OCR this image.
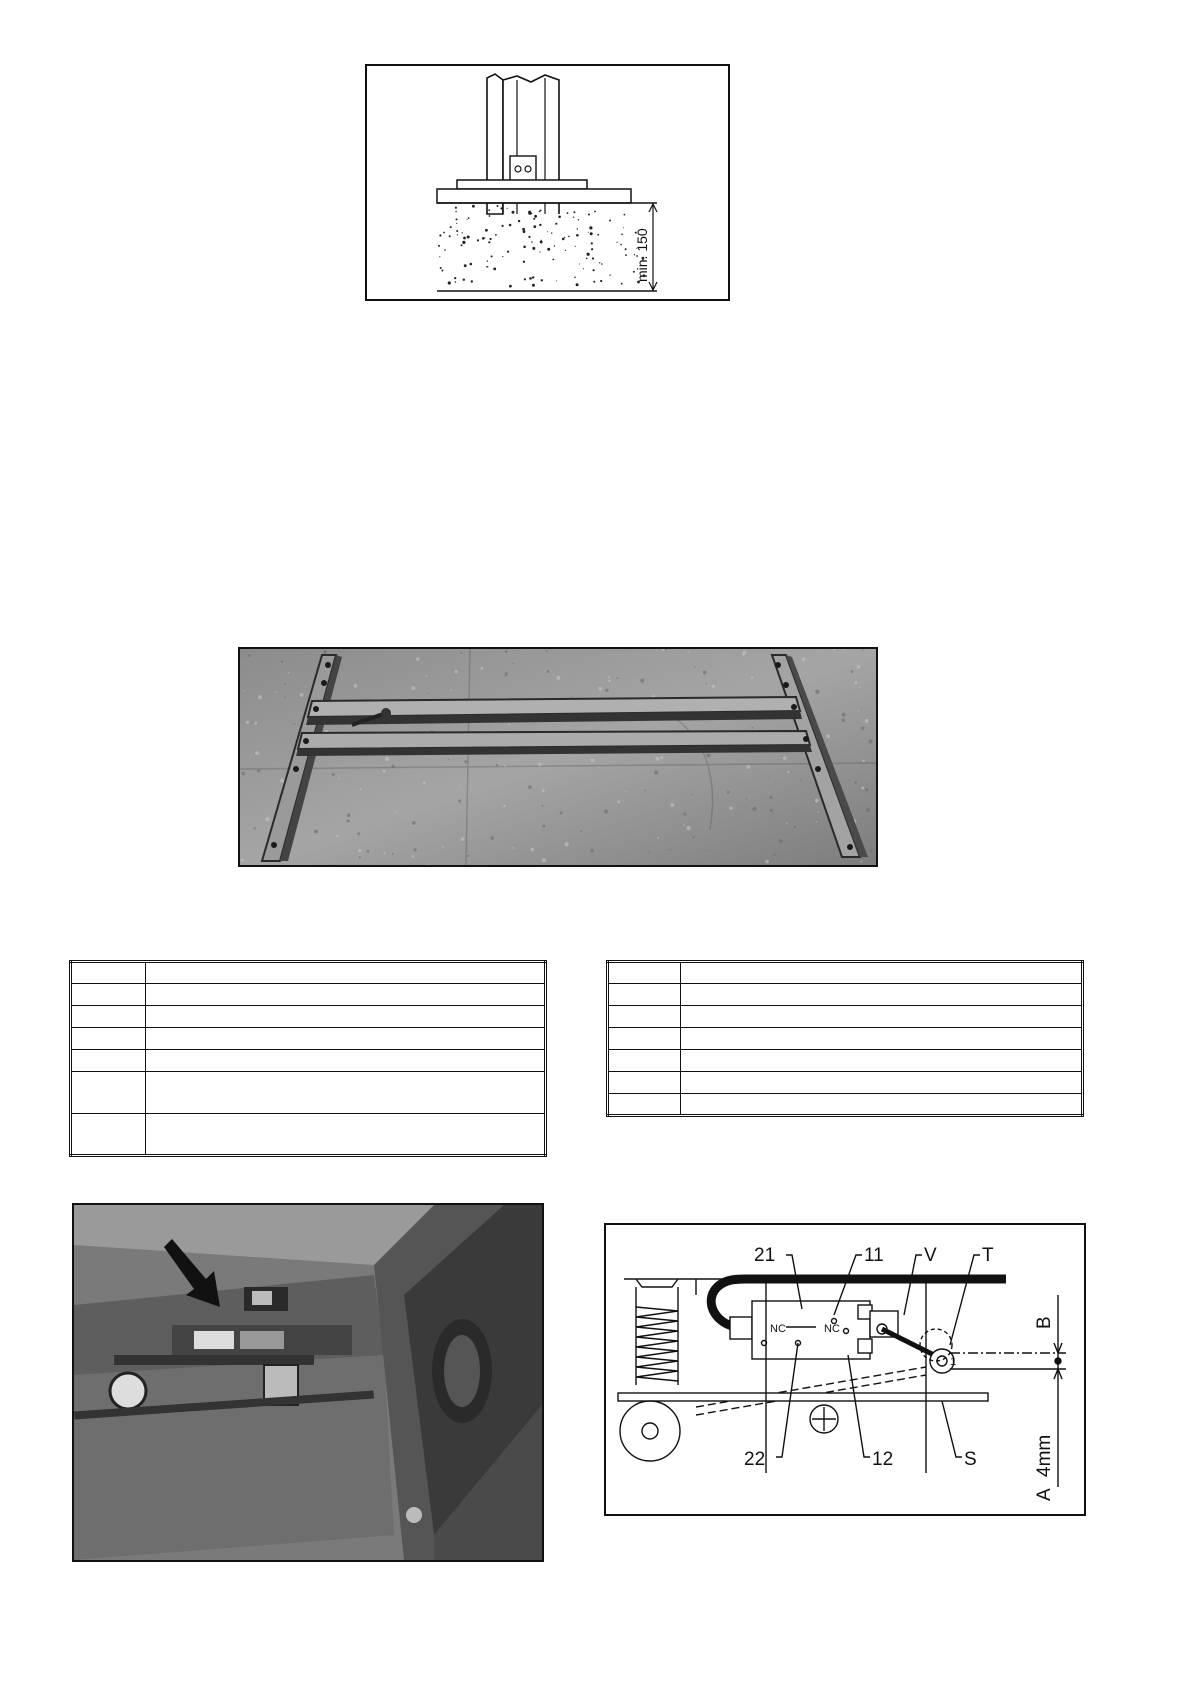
min. 150

21	11 V T
22	12	S
B
A
4mm
NC	NC
1
